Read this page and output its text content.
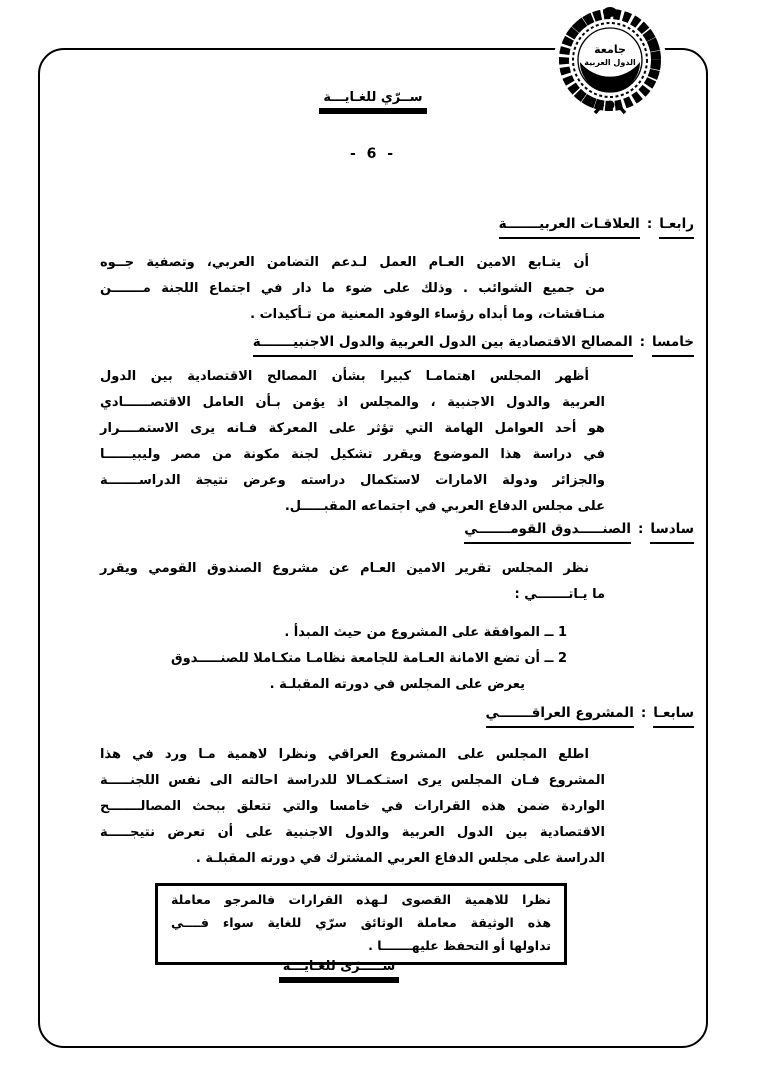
جامعة
الدول العربية
ســرّي للغـايـــة
- 6 -
رابعـا:العلاقـات العربيـــــــة
أن يتـابع الامين العـام العمل لـدعم التضامن العربي، وتصفية جــوه
من جميع الشوائب . وذلك على ضوء ما دار في اجتماع اللجنة مـــــــن
منـاقشات، وما أبداه رؤساء الوفود المعنية من تـأكيدات .
خامسا:المصالح الاقتصادية بين الدول العربية والدول الاجنبيـــــــة
أظهر المجلس اهتمامـا كبيرا بشأن المصالح الاقتصادية بين الدول
العربية والدول الاجنبية ، والمجلس اذ يؤمن بـأن العامل الاقتصــــــادي
هو أحد العوامل الهامة التي تؤثر على المعركة فـانه يرى الاستمــــرار
في دراسة هذا الموضوع ويقرر تشكيل لجنة مكونة من مصر وليبيــــــا
والجزائر ودولة الامارات لاستكمال دراسته وعرض نتيجة الدراســـــــة
على مجلس الدفاع العربي في اجتماعه المقبـــــل.
سادسا:الصنـــــدوق القومـــــــي
نظر المجلس تقرير الامين العـام عن مشروع الصندوق القومي ويقرر
ما يـاتـــــــي :
1 ــ الموافقة على المشروع من حيث المبدأ .
2 ــ أن تضع الامانة العـامة للجامعة نظامـا متكـاملا للصنـــــدوق
يعرض على المجلس في دورته المقبلـة .
سابعـا:المشروع العراقـــــــي
اطلع المجلس على المشروع العراقي ونظرا لاهمية مـا ورد في هذا
المشروع فـان المجلس يرى استـكمـالا للدراسة احالته الى نفس اللجنـــــة
الواردة ضمن هذه القرارات في خامسا والتي تتعلق ببحث المصالـــــــح
الاقتصادية بين الدول العربية والدول الاجنبية على أن تعرض نتيجـــــة
الدراسة على مجلس الدفاع العربي المشترك في دورته المقبلـة .
نظرا للاهمية القصوى لـهذه القرارات فالمرجو معاملة
هذه الوثيقة معاملة الوثائق سرّي للغاية سواء فــــي
تداولها أو التحفظ عليهـــــــا .
ســـــرّى للغـايـــة
